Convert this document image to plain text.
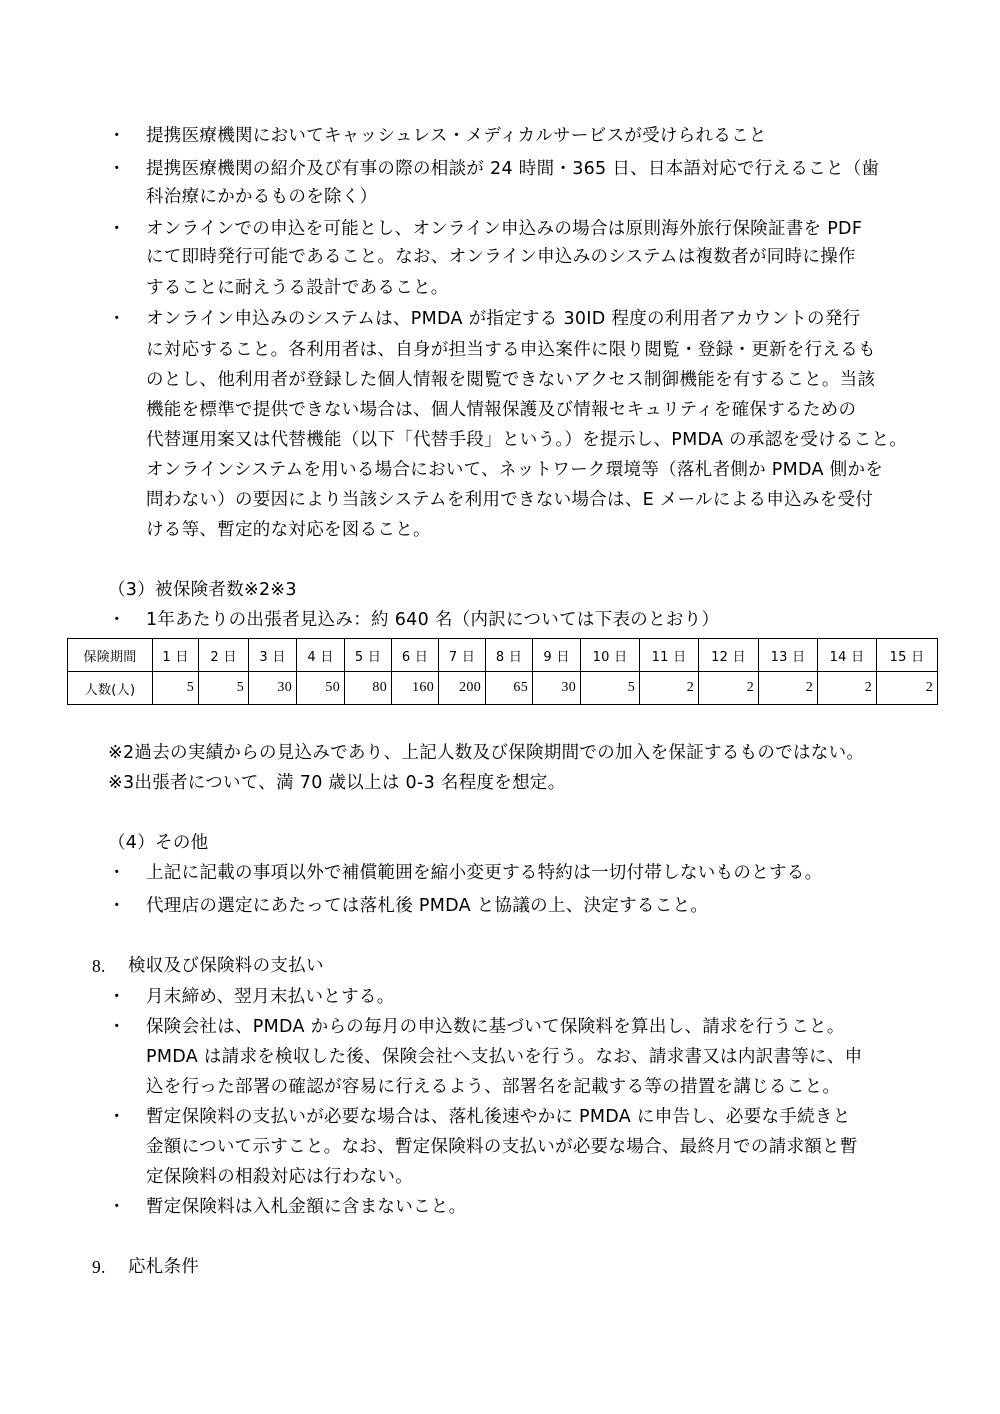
・ 提携医療機関においてキャッシュレス・メディカルサービスが受けられること
・ 提携医療機関の紹介及び有事の際の相談が 24 時間・365 日、日本語対応で行えること（歯
科治療にかかるものを除く）
・ オンラインでの申込を可能とし、オンライン申込みの場合は原則海外旅行保険証書を PDF
にて即時発行可能であること。なお、オンライン申込みのシステムは複数者が同時に操作
することに耐えうる設計であること。
・ オンライン申込みのシステムは、PMDA が指定する 30ID 程度の利用者アカウントの発行
に対応すること。各利用者は、自身が担当する申込案件に限り閲覧・登録・更新を行えるも
のとし、他利用者が登録した個人情報を閲覧できないアクセス制御機能を有すること。当該
機能を標準で提供できない場合は、個人情報保護及び情報セキュリティを確保するための
代替運用案又は代替機能（以下「代替手段」という。）を提示し、PMDA の承認を受けること。
オンラインシステムを用いる場合において、ネットワーク環境等（落札者側か PMDA 側かを
問わない）の要因により当該システムを利用できない場合は、E メールによる申込みを受付
ける等、暫定的な対応を図ること。
（3）被保険者数※2※3
・ 1年あたりの出張者見込み：約 640 名（内訳については下表のとおり）
保険期間	1 日	2 日	3 日	4 日	5 日	6 日	7 日	8 日	9 日	10 日	11 日	12 日	13 日	14 日	15 日
人数(人)	5	5	30	50	80	160	200	65	30	5	2	2	2	2	2
※2過去の実績からの見込みであり、上記人数及び保険期間での加入を保証するものではない。
※3出張者について、満 70 歳以上は 0-3 名程度を想定。
（4）その他
・ 上記に記載の事項以外で補償範囲を縮小変更する特約は一切付帯しないものとする。
・ 代理店の選定にあたっては落札後 PMDA と協議の上、決定すること。
8. 検収及び保険料の支払い
・ 月末締め、翌月末払いとする。
・ 保険会社は、PMDA からの毎月の申込数に基づいて保険料を算出し、請求を行うこと。
PMDA は請求を検収した後、保険会社へ支払いを行う。なお、請求書又は内訳書等に、申
込を行った部署の確認が容易に行えるよう、部署名を記載する等の措置を講じること。
・ 暫定保険料の支払いが必要な場合は、落札後速やかに PMDA に申告し、必要な手続きと
金額について示すこと。なお、暫定保険料の支払いが必要な場合、最終月での請求額と暫
定保険料の相殺対応は行わない。
・ 暫定保険料は入札金額に含まないこと。
9. 応札条件
